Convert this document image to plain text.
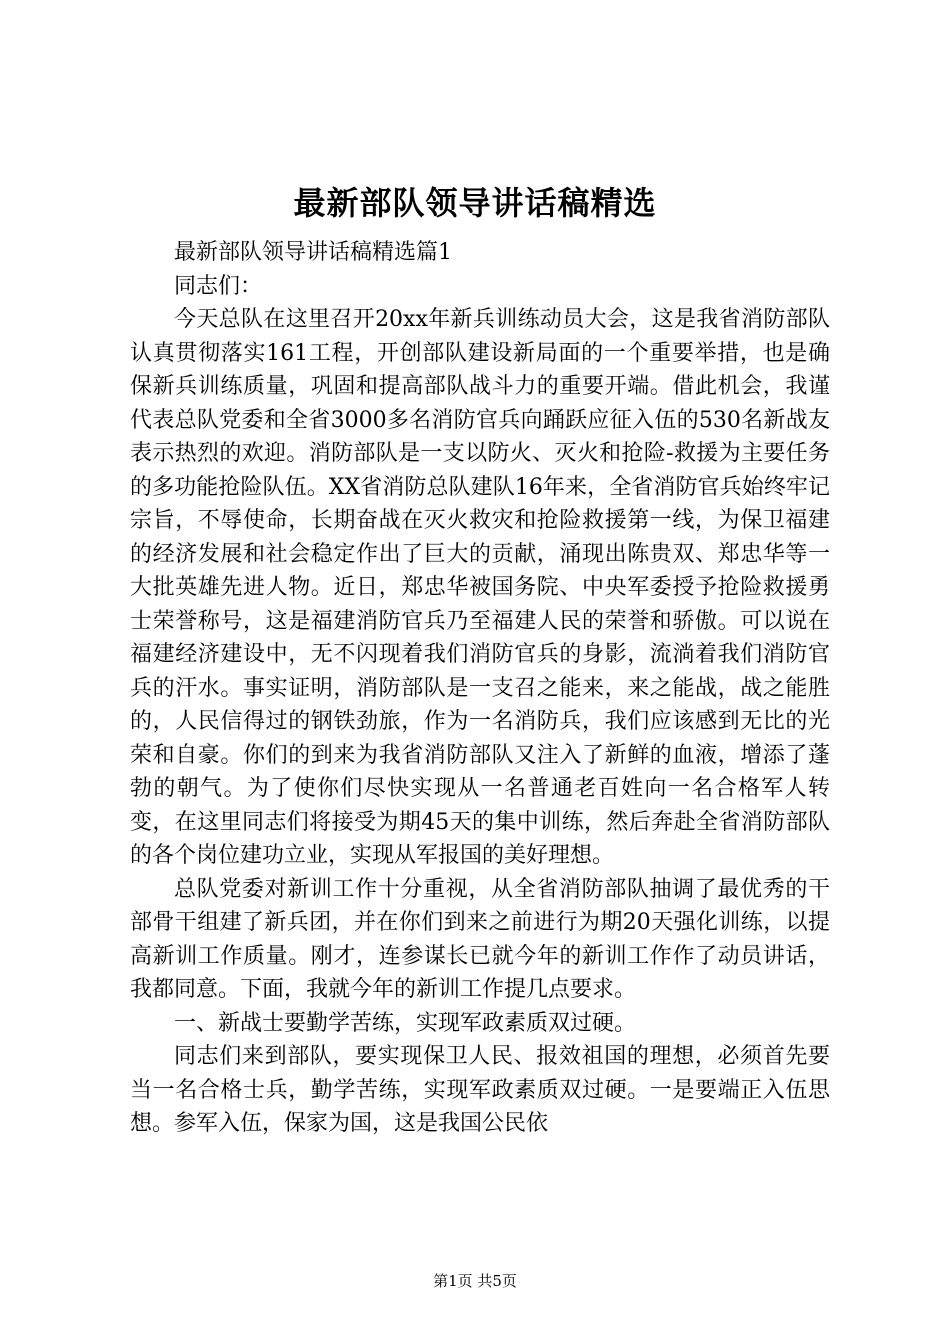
最新部队领导讲话稿精选

最新部队领导讲话稿精选篇1

同志们：

今天总队在这里召开20xx年新兵训练动员大会，这是我省消防部队认真贯彻落实161工程，开创部队建设新局面的一个重要举措，也是确保新兵训练质量，巩固和提高部队战斗力的重要开端。借此机会，我谨代表总队党委和全省3000多名消防官兵向踊跃应征入伍的530名新战友表示热烈的欢迎。消防部队是一支以防火、灭火和抢险-救援为主要任务的多功能抢险队伍。XX省消防总队建队16年来，全省消防官兵始终牢记宗旨，不辱使命，长期奋战在灭火救灾和抢险救援第一线，为保卫福建的经济发展和社会稳定作出了巨大的贡献，涌现出陈贵双、郑忠华等一大批英雄先进人物。近日，郑忠华被国务院、中央军委授予抢险救援勇士荣誉称号，这是福建消防官兵乃至福建人民的荣誉和骄傲。可以说在福建经济建设中，无不闪现着我们消防官兵的身影，流淌着我们消防官兵的汗水。事实证明，消防部队是一支召之能来，来之能战，战之能胜的，人民信得过的钢铁劲旅，作为一名消防兵，我们应该感到无比的光荣和自豪。你们的到来为我省消防部队又注入了新鲜的血液，增添了蓬勃的朝气。为了使你们尽快实现从一名普通老百姓向一名合格军人转变，在这里同志们将接受为期45天的集中训练，然后奔赴全省消防部队的各个岗位建功立业，实现从军报国的美好理想。

总队党委对新训工作十分重视，从全省消防部队抽调了最优秀的干部骨干组建了新兵团，并在你们到来之前进行为期20天强化训练，以提高新训工作质量。刚才，连参谋长已就今年的新训工作作了动员讲话，我都同意。下面，我就今年的新训工作提几点要求。

一、新战士要勤学苦练，实现军政素质双过硬。

同志们来到部队，要实现保卫人民、报效祖国的理想，必须首先要当一名合格士兵，勤学苦练，实现军政素质双过硬。一是要端正入伍思想。参军入伍，保家为国，这是我国公民依

第1页 共5页
